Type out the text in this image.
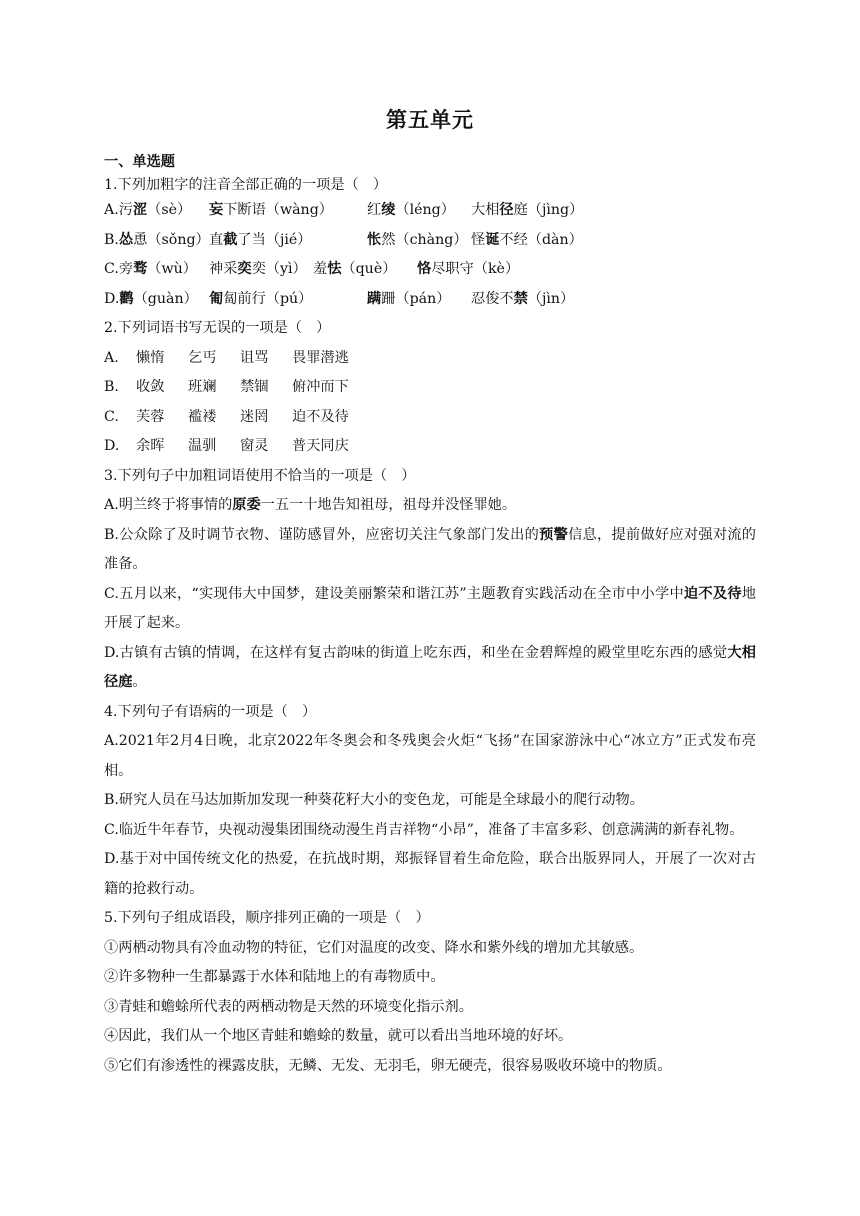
第五单元
一、单选题
1.下列加粗字的注音全部正确的一项是（　）
A.污涩（sè）	妄下断语（wàng）	红绫（léng）	大相径庭（jìng）
B.怂恿（sǒng） 直截了当（jié）	怅然（chàng） 怪诞不经（dàn）
C.旁骛（wù） 神采奕奕（yì） 羞怯（què）	恪尽职守（kè）
D.鹳（guàn） 匍匐前行（pú）	蹒跚（pán）	忍俊不禁（jìn）
2.下列词语书写无误的一项是（　）
A.	懒惰	乞丐	诅骂	畏罪潜逃
B.	收敛	班斓	禁锢	俯冲而下
C.	芙蓉	褴褛	迷罔	迫不及待
D.	余晖	温驯	窗灵	普天同庆
3.下列句子中加粗词语使用不恰当的一项是（　）
A.明兰终于将事情的原委一五一十地告知祖母，祖母并没怪罪她。
B.公众除了及时调节衣物、谨防感冒外，应密切关注气象部门发出的预警信息，提前做好应对强对流的准备。
C.五月以来，“实现伟大中国梦，建设美丽繁荣和谐江苏”主题教育实践活动在全市中小学中迫不及待地开展了起来。
D.古镇有古镇的情调，在这样有复古韵味的街道上吃东西，和坐在金碧辉煌的殿堂里吃东西的感觉大相径庭。
4.下列句子有语病的一项是（　）
A.2021年2月4日晚，北京2022年冬奥会和冬残奥会火炬“飞扬”在国家游泳中心“冰立方”正式发布亮相。
B.研究人员在马达加斯加发现一种葵花籽大小的变色龙，可能是全球最小的爬行动物。
C.临近牛年春节，央视动漫集团围绕动漫生肖吉祥物“小昂”，准备了丰富多彩、创意满满的新春礼物。
D.基于对中国传统文化的热爱，在抗战时期，郑振铎冒着生命危险，联合出版界同人，开展了一次对古籍的抢救行动。
5.下列句子组成语段，顺序排列正确的一项是（　）
①两栖动物具有冷血动物的特征，它们对温度的改变、降水和紫外线的增加尤其敏感。
②许多物种一生都暴露于水体和陆地上的有毒物质中。
③青蛙和蟾蜍所代表的两栖动物是天然的环境变化指示剂。
④因此，我们从一个地区青蛙和蟾蜍的数量，就可以看出当地环境的好坏。
⑤它们有渗透性的裸露皮肤，无鳞、无发、无羽毛，卵无硬壳，很容易吸收环境中的物质。
